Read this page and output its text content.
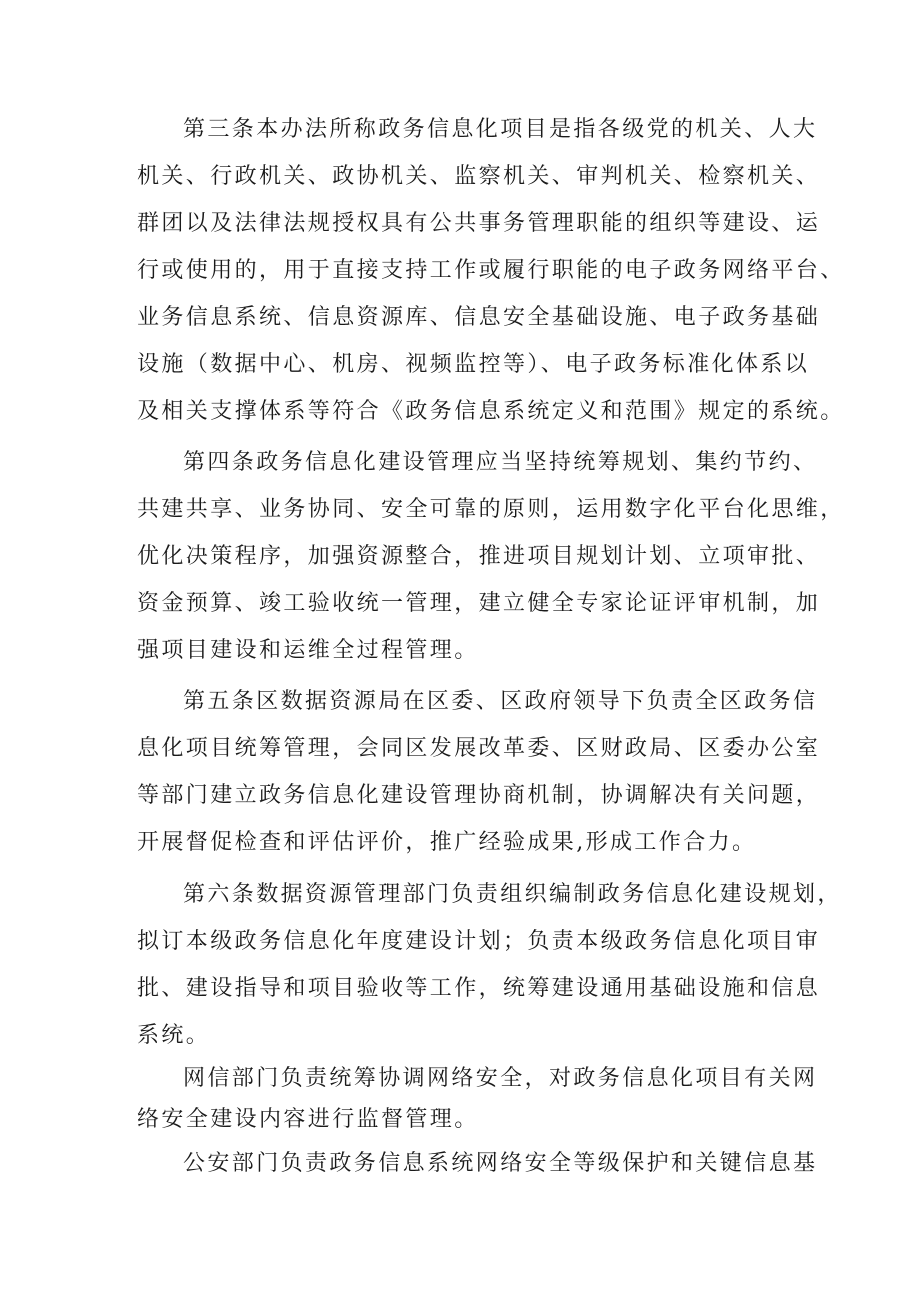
第三条本办法所称政务信息化项目是指各级党的机关、人大
机关、行政机关、政协机关、监察机关、审判机关、检察机关、
群团以及法律法规授权具有公共事务管理职能的组织等建设、运
行或使用的，用于直接支持工作或履行职能的电子政务网络平台、
业务信息系统、信息资源库、信息安全基础设施、电子政务基础
设施（数据中心、机房、视频监控等）、电子政务标准化体系以
及相关支撑体系等符合《政务信息系统定义和范围》规定的系统。
第四条政务信息化建设管理应当坚持统筹规划、集约节约、
共建共享、业务协同、安全可靠的原则，运用数字化平台化思维，
优化决策程序，加强资源整合，推进项目规划计划、立项审批、
资金预算、竣工验收统一管理，建立健全专家论证评审机制，加
强项目建设和运维全过程管理。
第五条区数据资源局在区委、区政府领导下负责全区政务信
息化项目统筹管理，会同区发展改革委、区财政局、区委办公室
等部门建立政务信息化建设管理协商机制，协调解决有关问题，
开展督促检查和评估评价，推广经验成果,形成工作合力。
第六条数据资源管理部门负责组织编制政务信息化建设规划，
拟订本级政务信息化年度建设计划；负责本级政务信息化项目审
批、建设指导和项目验收等工作，统筹建设通用基础设施和信息
系统。
网信部门负责统筹协调网络安全，对政务信息化项目有关网
络安全建设内容进行监督管理。
公安部门负责政务信息系统网络安全等级保护和关键信息基
